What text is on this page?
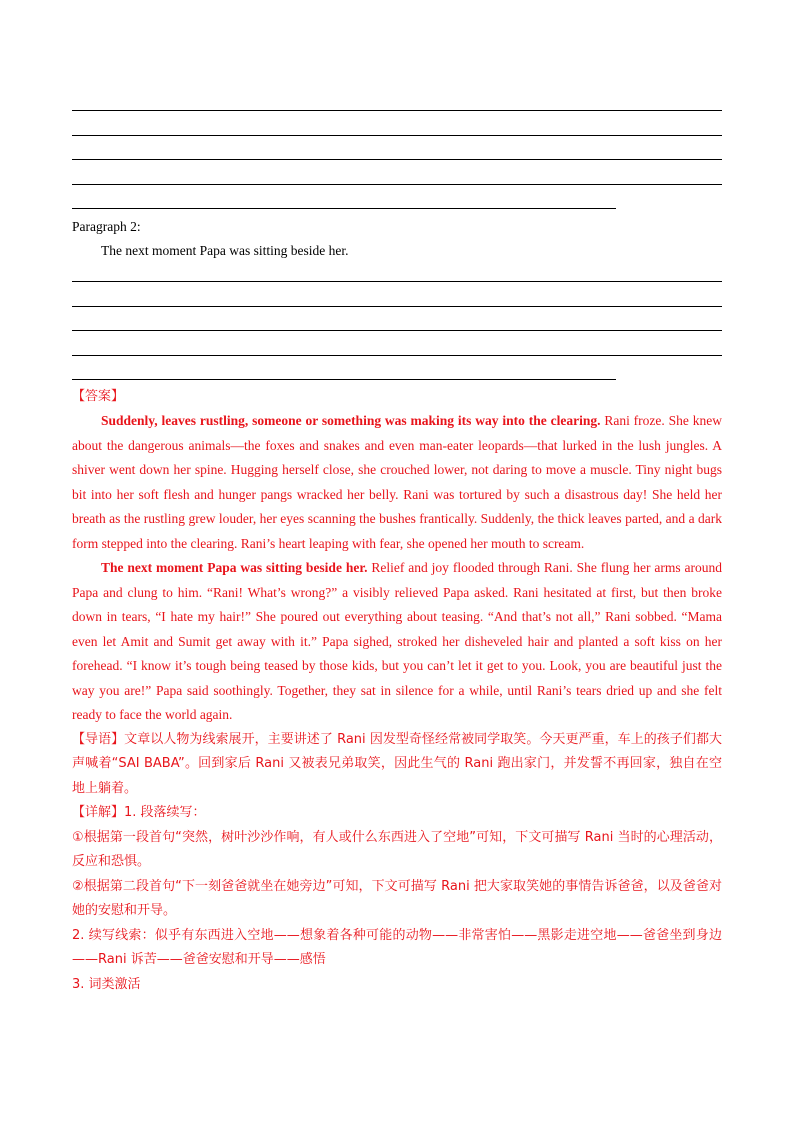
Paragraph 2:
The next moment Papa was sitting beside her.
【答案】

Suddenly, leaves rustling, someone or something was making its way into the clearing. Rani froze. She knew about the dangerous animals—the foxes and snakes and even man-eater leopards—that lurked in the lush jungles. A shiver went down her spine. Hugging herself close, she crouched lower, not daring to move a muscle. Tiny night bugs bit into her soft flesh and hunger pangs wracked her belly. Rani was tortured by such a disastrous day! She held her breath as the rustling grew louder, her eyes scanning the bushes frantically. Suddenly, the thick leaves parted, and a dark form stepped into the clearing. Rani’s heart leaping with fear, she opened her mouth to scream.

The next moment Papa was sitting beside her. Relief and joy flooded through Rani. She flung her arms around Papa and clung to him. “Rani! What’s wrong?” a visibly relieved Papa asked. Rani hesitated at first, but then broke down in tears, “I hate my hair!” She poured out everything about teasing. “And that’s not all,” Rani sobbed. “Mama even let Amit and Sumit get away with it.” Papa sighed, stroked her disheveled hair and planted a soft kiss on her forehead. “I know it’s tough being teased by those kids, but you can’t let it get to you. Look, you are beautiful just the way you are!” Papa said soothingly. Together, they sat in silence for a while, until Rani’s tears dried up and she felt ready to face the world again.

【导语】文章以人物为线索展开，主要讲述了 Rani 因发型奇怪经常被同学取笑。今天更严重，车上的孩子们都大声喊着“SAI BABA”。回到家后 Rani 又被表兄弟取笑，因此生气的 Rani 跑出家门，并发誓不再回家，独自在空地上躺着。

【详解】1. 段落续写：

①根据第一段首句“突然，树叶沙沙作响，有人或什么东西进入了空地”可知，下文可描写 Rani 当时的心理活动，反应和恐惧。

②根据第二段首句“下一刻爸爸就坐在她旁边”可知，下文可描写 Rani 把大家取笑她的事情告诉爸爸，以及爸爸对她的安慰和开导。

2. 续写线索：似乎有东西进入空地——想象着各种可能的动物——非常害怕——黑影走进空地——爸爸坐到身边——Rani 诉苦——爸爸安慰和开导——感悟

3. 词类激活
